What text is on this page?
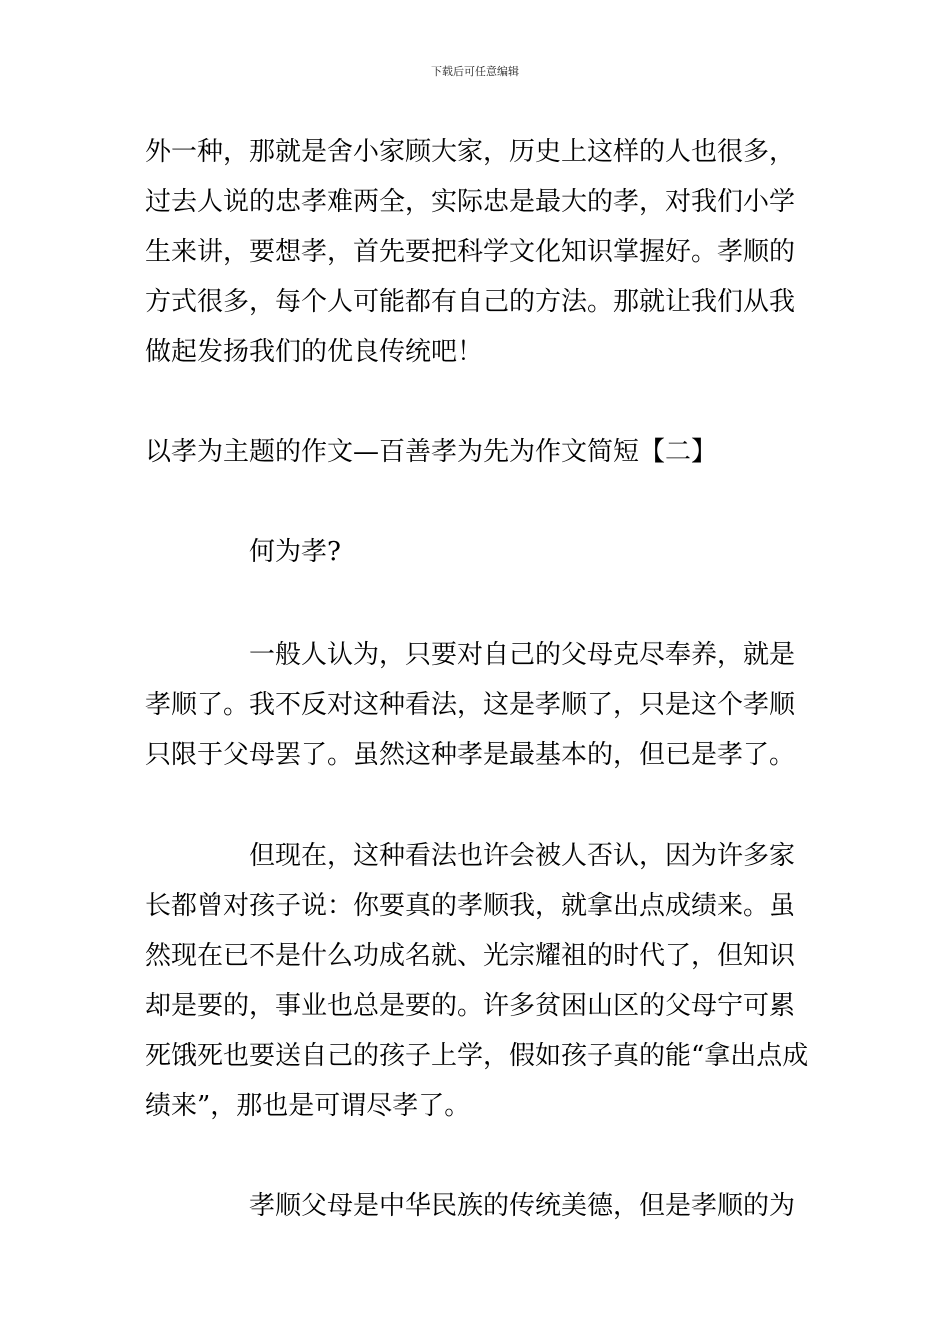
下载后可任意编辑

外一种，那就是舍小家顾大家，历史上这样的人也很多，过去人说的忠孝难两全，实际忠是最大的孝，对我们小学生来讲，要想孝，首先要把科学文化知识掌握好。孝顺的方式很多，每个人可能都有自己的方法。那就让我们从我做起发扬我们的优良传统吧！

以孝为主题的作文—百善孝为先为作文简短【二】

何为孝?

一般人认为，只要对自己的父母克尽奉养，就是孝顺了。我不反对这种看法，这是孝顺了，只是这个孝顺只限于父母罢了。虽然这种孝是最基本的，但已是孝了。

但现在，这种看法也许会被人否认，因为许多家长都曾对孩子说：你要真的孝顺我，就拿出点成绩来。虽然现在已不是什么功成名就、光宗耀祖的时代了，但知识却是要的，事业也总是要的。许多贫困山区的父母宁可累死饿死也要送自己的孩子上学，假如孩子真的能“拿出点成绩来”，那也是可谓尽孝了。

孝顺父母是中华民族的传统美德，但是孝顺的为
